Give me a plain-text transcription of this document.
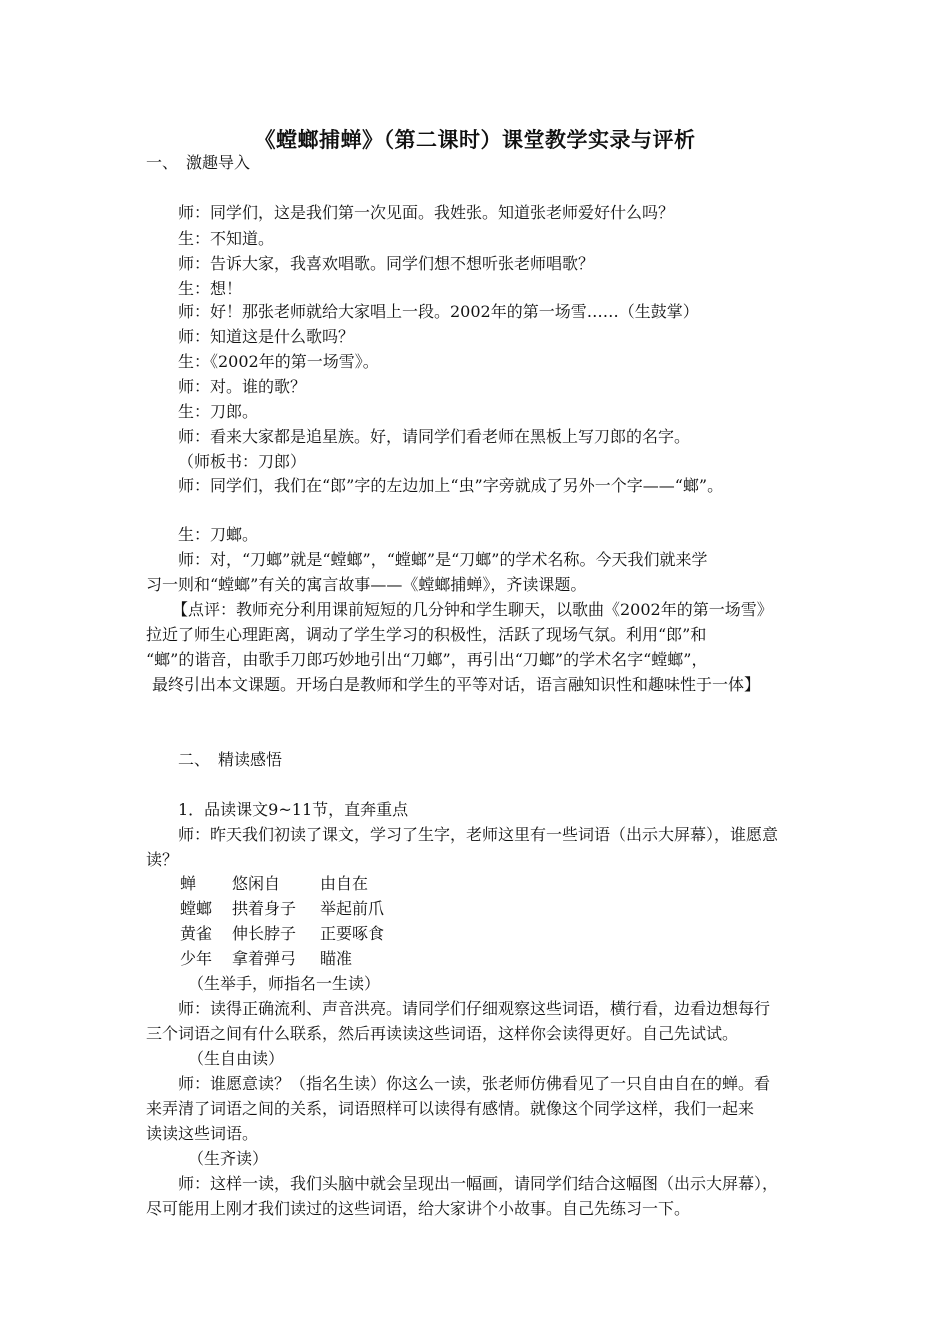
《螳螂捕蝉》（第二课时）课堂教学实录与评析
一、　激趣导入
师：同学们，这是我们第一次见面。我姓张。知道张老师爱好什么吗？
生：不知道。
师：告诉大家，我喜欢唱歌。同学们想不想听张老师唱歌？
生：想！
师：好！那张老师就给大家唱上一段。2002年的第一场雪……（生鼓掌）
师：知道这是什么歌吗？
生：《2002年的第一场雪》。
师：对。谁的歌？
生：刀郎。
师：看来大家都是追星族。好，请同学们看老师在黑板上写刀郎的名字。
（师板书：刀郎）
师：同学们，我们在“郎”字的左边加上“虫”字旁就成了另外一个字——“螂”。
生：刀螂。
师：对，“刀螂”就是“螳螂”，“螳螂”是“刀螂”的学术名称。今天我们就来学
习一则和“螳螂”有关的寓言故事——《螳螂捕蝉》，齐读课题。
【点评：教师充分利用课前短短的几分钟和学生聊天，以歌曲《2002年的第一场雪》
拉近了师生心理距离，调动了学生学习的积极性，活跃了现场气氛。利用“郎”和
“螂”的谐音，由歌手刀郎巧妙地引出“刀螂”，再引出“刀螂”的学术名字“螳螂”，
最终引出本文课题。开场白是教师和学生的平等对话，语言融知识性和趣味性于一体】
二、　精读感悟
1．品读课文9~11节，直奔重点
师：昨天我们初读了课文，学习了生字，老师这里有一些词语（出示大屏幕），谁愿意
读？
蝉 悠闲自 由自在
螳螂 拱着身子 举起前爪
黄雀 伸长脖子 正要啄食
少年 拿着弹弓 瞄准
（生举手，师指名一生读）
师：读得正确流利、声音洪亮。请同学们仔细观察这些词语，横行看，边看边想每行
三个词语之间有什么联系，然后再读读这些词语，这样你会读得更好。自己先试试。
（生自由读）
师：谁愿意读？（指名生读）你这么一读，张老师仿佛看见了一只自由自在的蝉。看
来弄清了词语之间的关系，词语照样可以读得有感情。就像这个同学这样，我们一起来
读读这些词语。
（生齐读）
师：这样一读，我们头脑中就会呈现出一幅画，请同学们结合这幅图（出示大屏幕），
尽可能用上刚才我们读过的这些词语，给大家讲个小故事。自己先练习一下。
